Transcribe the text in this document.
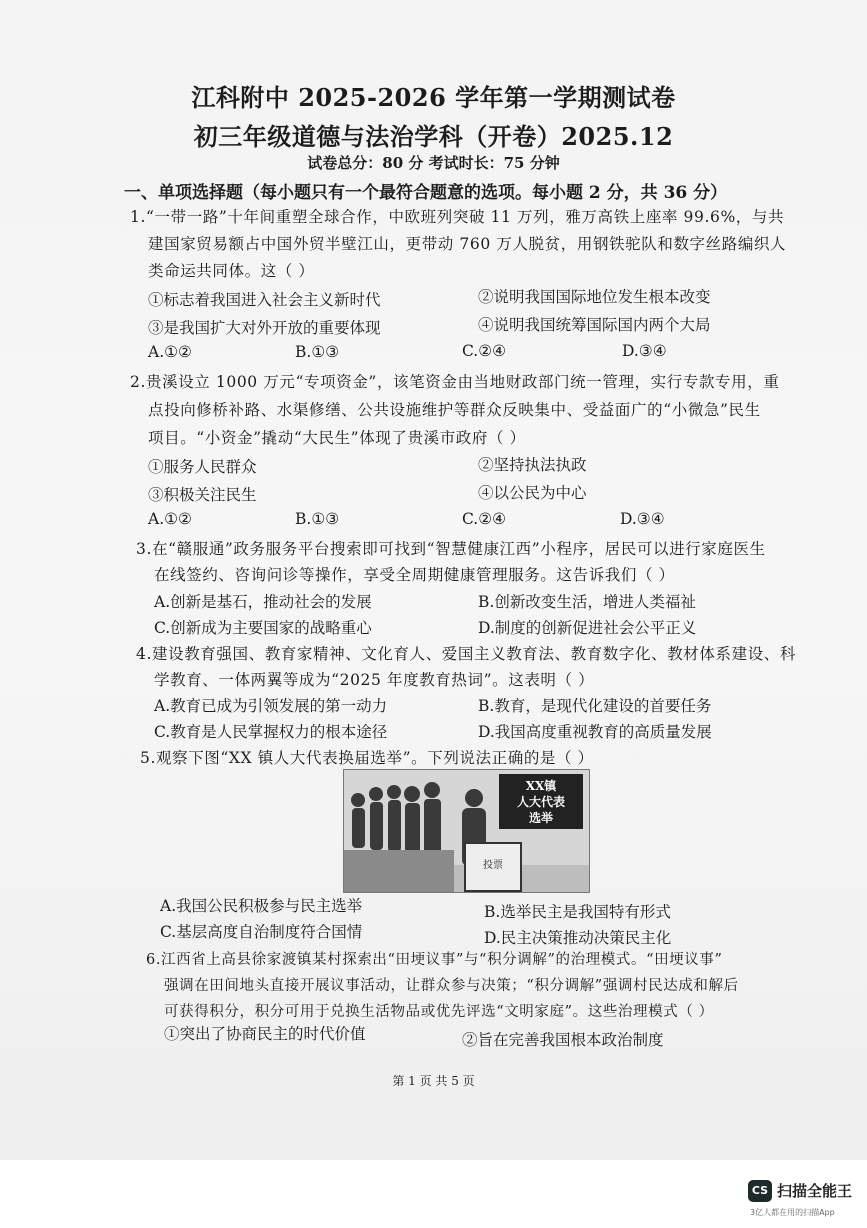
江科附中 2025-2026 学年第一学期测试卷
初三年级道德与法治学科（开卷）2025.12
试卷总分：80 分 考试时长：75 分钟
一、单项选择题（每小题只有一个最符合题意的选项。每小题 2 分，共 36 分）
1.“一带一路”十年间重塑全球合作，中欧班列突破 11 万列，雅万高铁上座率 99.6%，与共
建国家贸易额占中国外贸半壁江山，更带动 760 万人脱贫，用钢铁驼队和数字丝路编织人
类命运共同体。这（ ）
①标志着我国进入社会主义新时代	②说明我国国际地位发生根本改变
③是我国扩大对外开放的重要体现	④说明我国统筹国际国内两个大局
A.①②	B.①③	C.②④	D.③④
2.贵溪设立 1000 万元“专项资金”，该笔资金由当地财政部门统一管理，实行专款专用，重
点投向修桥补路、水渠修缮、公共设施维护等群众反映集中、受益面广的“小微急”民生
项目。“小资金”撬动“大民生”体现了贵溪市政府（ ）
①服务人民群众	②坚持执法执政
③积极关注民生	④以公民为中心
A.①②	B.①③	C.②④	D.③④
3.在“赣服通”政务服务平台搜索即可找到“智慧健康江西”小程序，居民可以进行家庭医生
在线签约、咨询问诊等操作，享受全周期健康管理服务。这告诉我们（ ）
A.创新是基石，推动社会的发展	B.创新改变生活，增进人类福祉
C.创新成为主要国家的战略重心	D.制度的创新促进社会公平正义
4.建设教育强国、教育家精神、文化育人、爱国主义教育法、教育数字化、教材体系建设、科
学教育、一体两翼等成为“2025 年度教育热词”。这表明（ ）
A.教育已成为引领发展的第一动力	B.教育，是现代化建设的首要任务
C.教育是人民掌握权力的根本途径	D.我国高度重视教育的高质量发展
5.观察下图“XX 镇人大代表换届选举”。下列说法正确的是（ ）
XX镇
人大代表
选举
投票
A.我国公民积极参与民主选举	B.选举民主是我国特有形式
C.基层高度自治制度符合国情	D.民主决策推动决策民主化
6.江西省上高县徐家渡镇某村探索出“田埂议事”与“积分调解”的治理模式。“田埂议事”
强调在田间地头直接开展议事活动，让群众参与决策；“积分调解”强调村民达成和解后
可获得积分，积分可用于兑换生活物品或优先评选“文明家庭”。这些治理模式（ ）
①突出了协商民主的时代价值	②旨在完善我国根本政治制度
第 1 页 共 5 页
CS 扫描全能王
3亿人都在用的扫描App
